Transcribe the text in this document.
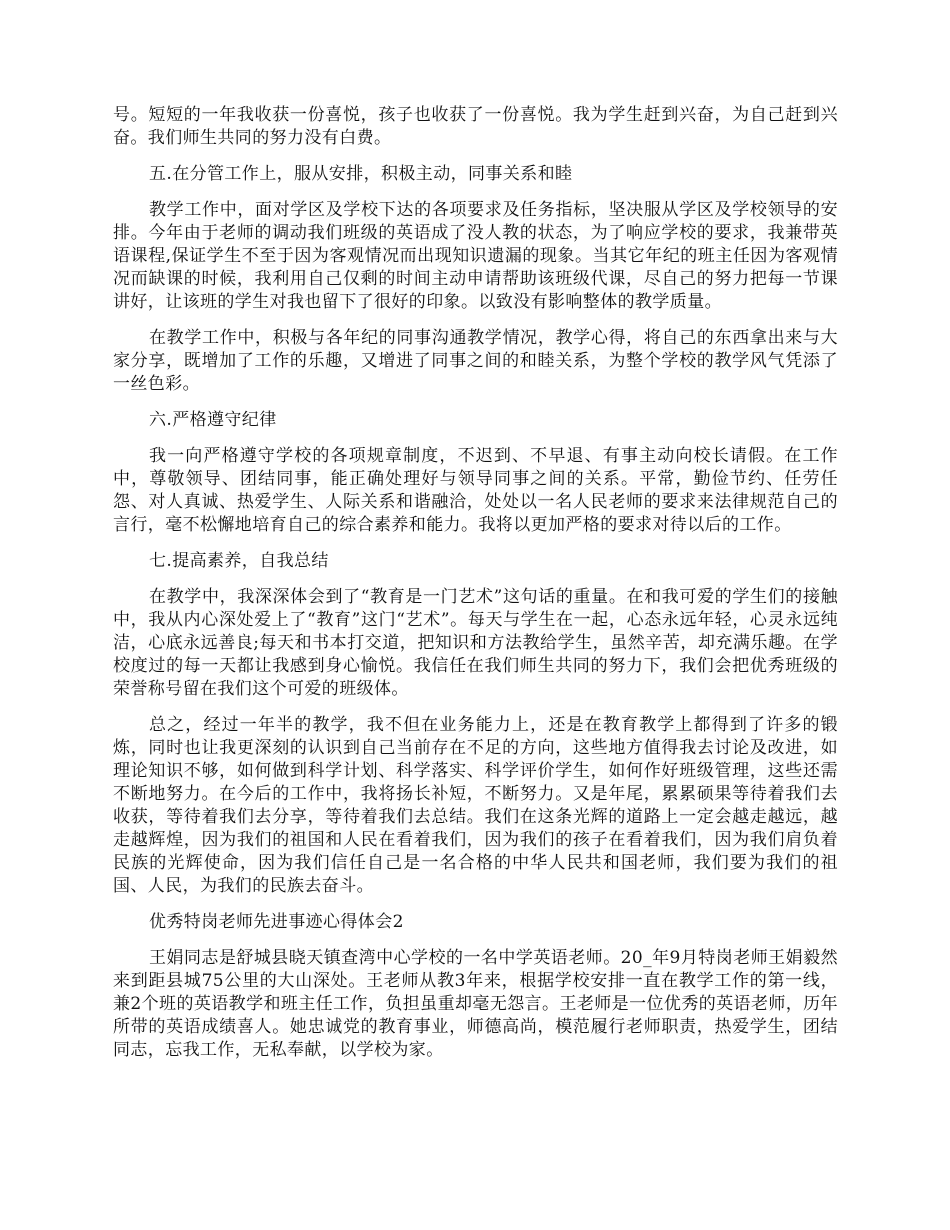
号。短短的一年我收获一份喜悦，孩子也收获了一份喜悦。我为学生赶到兴奋，为自己赶到兴奋。我们师生共同的努力没有白费。

五.在分管工作上，服从安排，积极主动，同事关系和睦

教学工作中，面对学区及学校下达的各项要求及任务指标，坚决服从学区及学校领导的安排。今年由于老师的调动我们班级的英语成了没人教的状态，为了响应学校的要求，我兼带英语课程,保证学生不至于因为客观情况而出现知识遗漏的现象。当其它年纪的班主任因为客观情况而缺课的时候，我利用自己仅剩的时间主动申请帮助该班级代课，尽自己的努力把每一节课讲好，让该班的学生对我也留下了很好的印象。以致没有影响整体的教学质量。

在教学工作中，积极与各年纪的同事沟通教学情况，教学心得，将自己的东西拿出来与大家分享，既增加了工作的乐趣，又增进了同事之间的和睦关系，为整个学校的教学风气凭添了一丝色彩。

六.严格遵守纪律

我一向严格遵守学校的各项规章制度，不迟到、不早退、有事主动向校长请假。在工作中，尊敬领导、团结同事，能正确处理好与领导同事之间的关系。平常，勤俭节约、任劳任怨、对人真诚、热爱学生、人际关系和谐融洽，处处以一名人民老师的要求来法律规范自己的言行，毫不松懈地培育自己的综合素养和能力。我将以更加严格的要求对待以后的工作。

七.提高素养，自我总结

在教学中，我深深体会到了“教育是一门艺术”这句话的重量。在和我可爱的学生们的接触中，我从内心深处爱上了“教育”这门“艺术”。每天与学生在一起，心态永远年轻，心灵永远纯洁，心底永远善良;每天和书本打交道，把知识和方法教给学生，虽然辛苦，却充满乐趣。在学校度过的每一天都让我感到身心愉悦。我信任在我们师生共同的努力下，我们会把优秀班级的荣誉称号留在我们这个可爱的班级体。

总之，经过一年半的教学，我不但在业务能力上，还是在教育教学上都得到了许多的锻炼，同时也让我更深刻的认识到自己当前存在不足的方向，这些地方值得我去讨论及改进，如理论知识不够，如何做到科学计划、科学落实、科学评价学生，如何作好班级管理，这些还需不断地努力。在今后的工作中，我将扬长补短，不断努力。又是年尾，累累硕果等待着我们去收获，等待着我们去分享，等待着我们去总结。我们在这条光辉的道路上一定会越走越远，越走越辉煌，因为我们的祖国和人民在看着我们，因为我们的孩子在看着我们，因为我们肩负着民族的光辉使命，因为我们信任自己是一名合格的中华人民共和国老师，我们要为我们的祖国、人民，为我们的民族去奋斗。

优秀特岗老师先进事迹心得体会2

王娟同志是舒城县晓天镇查湾中心学校的一名中学英语老师。20_年9月特岗老师王娟毅然来到距县城75公里的大山深处。王老师从教3年来，根据学校安排一直在教学工作的第一线，兼2个班的英语教学和班主任工作，负担虽重却毫无怨言。王老师是一位优秀的英语老师，历年所带的英语成绩喜人。她忠诚党的教育事业，师德高尚，模范履行老师职责，热爱学生，团结同志，忘我工作，无私奉献，以学校为家。
